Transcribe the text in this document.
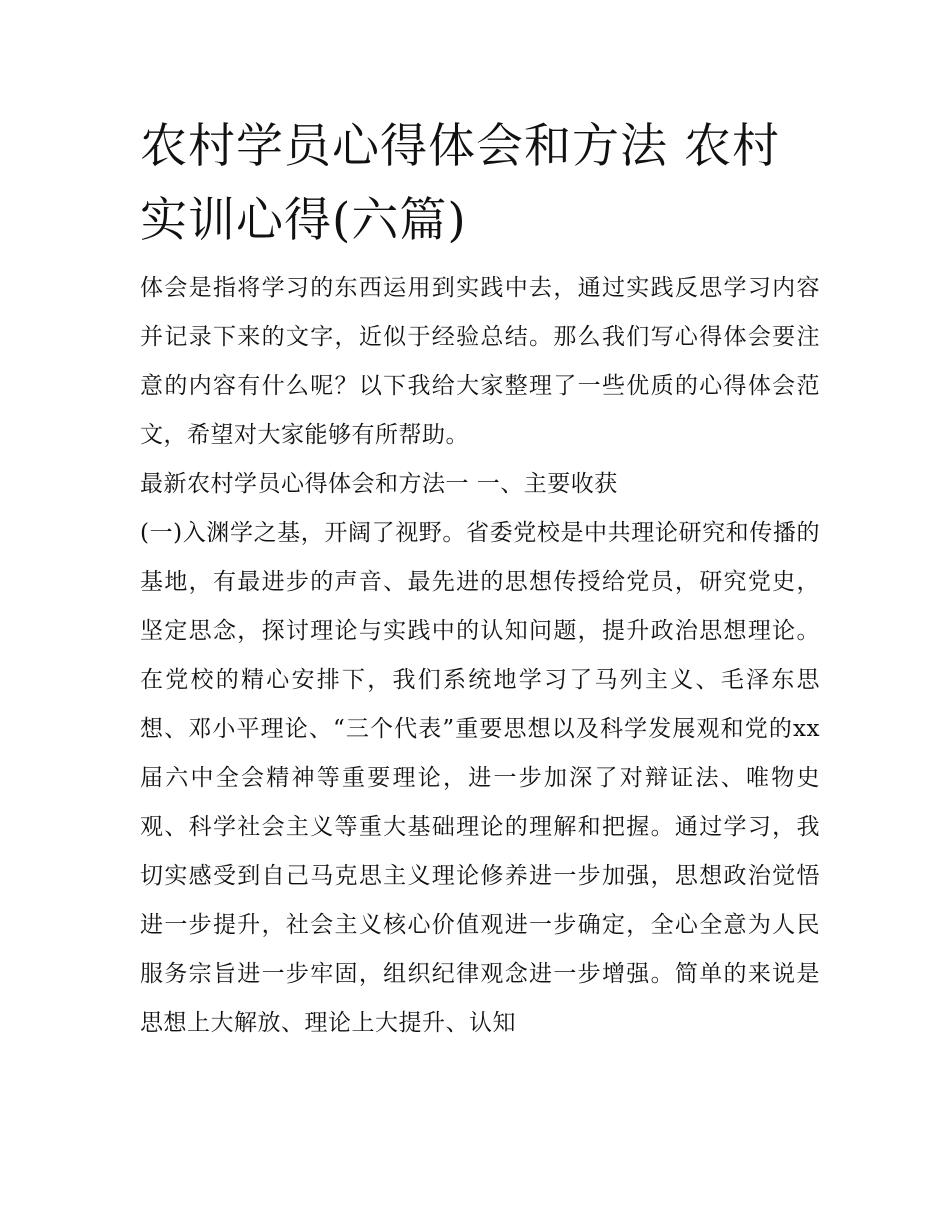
农村学员心得体会和方法 农村实训心得(六篇)

体会是指将学习的东西运用到实践中去，通过实践反思学习内容并记录下来的文字，近似于经验总结。那么我们写心得体会要注意的内容有什么呢？以下我给大家整理了一些优质的心得体会范文，希望对大家能够有所帮助。

最新农村学员心得体会和方法一 一、主要收获

(一)入渊学之基，开阔了视野。省委党校是中共理论研究和传播的基地，有最进步的声音、最先进的思想传授给党员，研究党史，坚定思念，探讨理论与实践中的认知问题，提升政治思想理论。在党校的精心安排下，我们系统地学习了马列主义、毛泽东思想、邓小平理论、“三个代表”重要思想以及科学发展观和党的xx届六中全会精神等重要理论，进一步加深了对辩证法、唯物史观、科学社会主义等重大基础理论的理解和把握。通过学习，我切实感受到自己马克思主义理论修养进一步加强，思想政治觉悟进一步提升，社会主义核心价值观进一步确定，全心全意为人民服务宗旨进一步牢固，组织纪律观念进一步增强。简单的来说是思想上大解放、理论上大提升、认知
